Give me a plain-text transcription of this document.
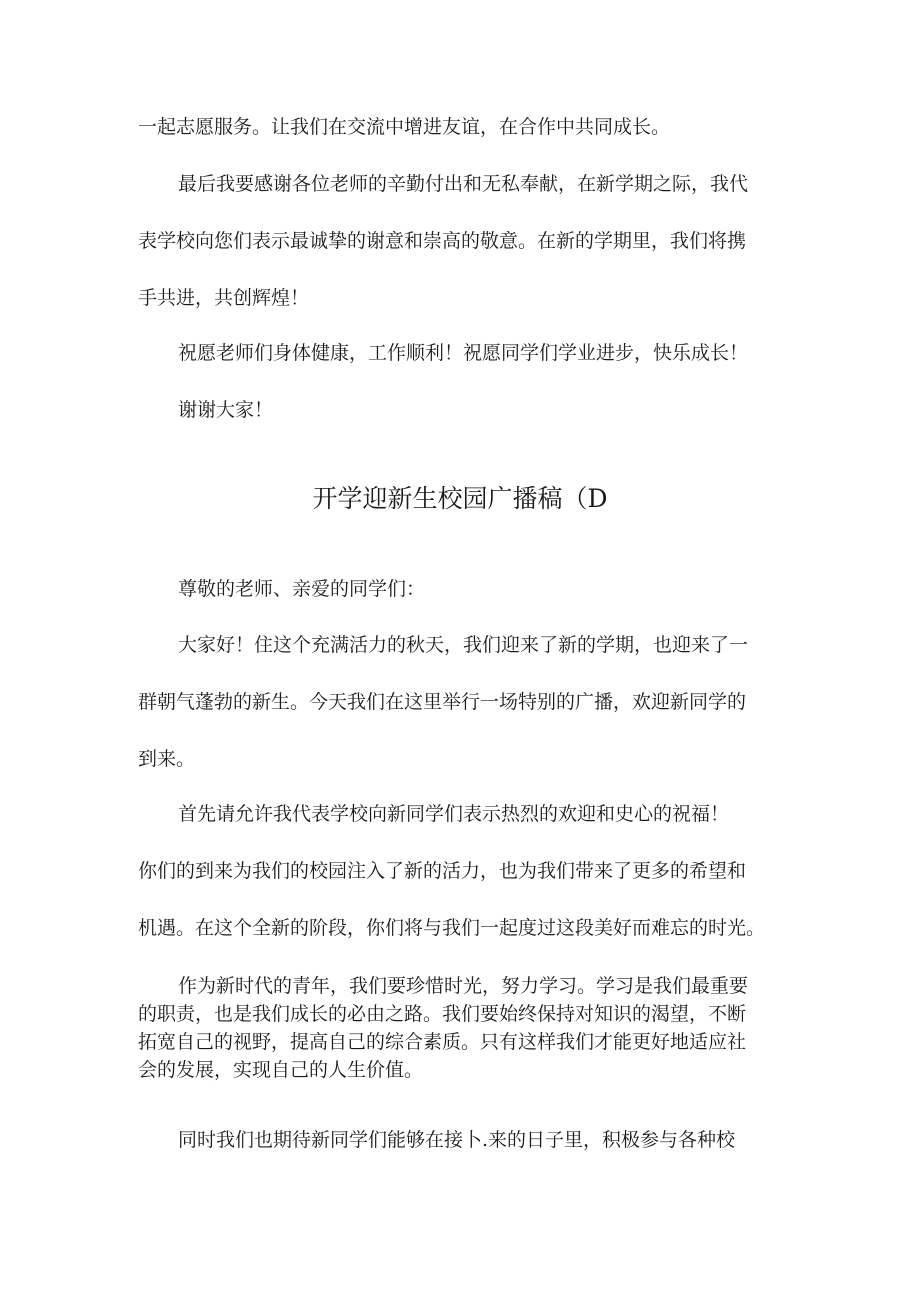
一起志愿服务。让我们在交流中增进友谊，在合作中共同成长。

最后我要感谢各位老师的辛勤付出和无私奉献，在新学期之际，我代
表学校向您们表示最诚挚的谢意和崇高的敬意。在新的学期里，我们将携
手共进，共创辉煌！

祝愿老师们身体健康，工作顺利！祝愿同学们学业进步，快乐成长！

谢谢大家！

开学迎新生校园广播稿（D

尊敬的老师、亲爱的同学们：

大家好！住这个充满活力的秋天，我们迎来了新的学期，也迎来了一
群朝气蓬勃的新生。今天我们在这里举行一场特别的广播，欢迎新同学的
到来。

首先请允许我代表学校向新同学们表示热烈的欢迎和史心的祝福！
你们的到来为我们的校园注入了新的活力，也为我们带来了更多的希望和
机遇。在这个全新的阶段，你们将与我们一起度过这段美好而难忘的时光。

作为新时代的青年，我们要珍惜时光，努力学习。学习是我们最重要
的职责，也是我们成长的必由之路。我们要始终保持对知识的渴望，不断
拓宽自己的视野，提高自己的综合素质。只有这样我们才能更好地适应社
会的发展，实现自己的人生价值。

同时我们也期待新同学们能够在接卜.来的日子里，积极参与各种校
